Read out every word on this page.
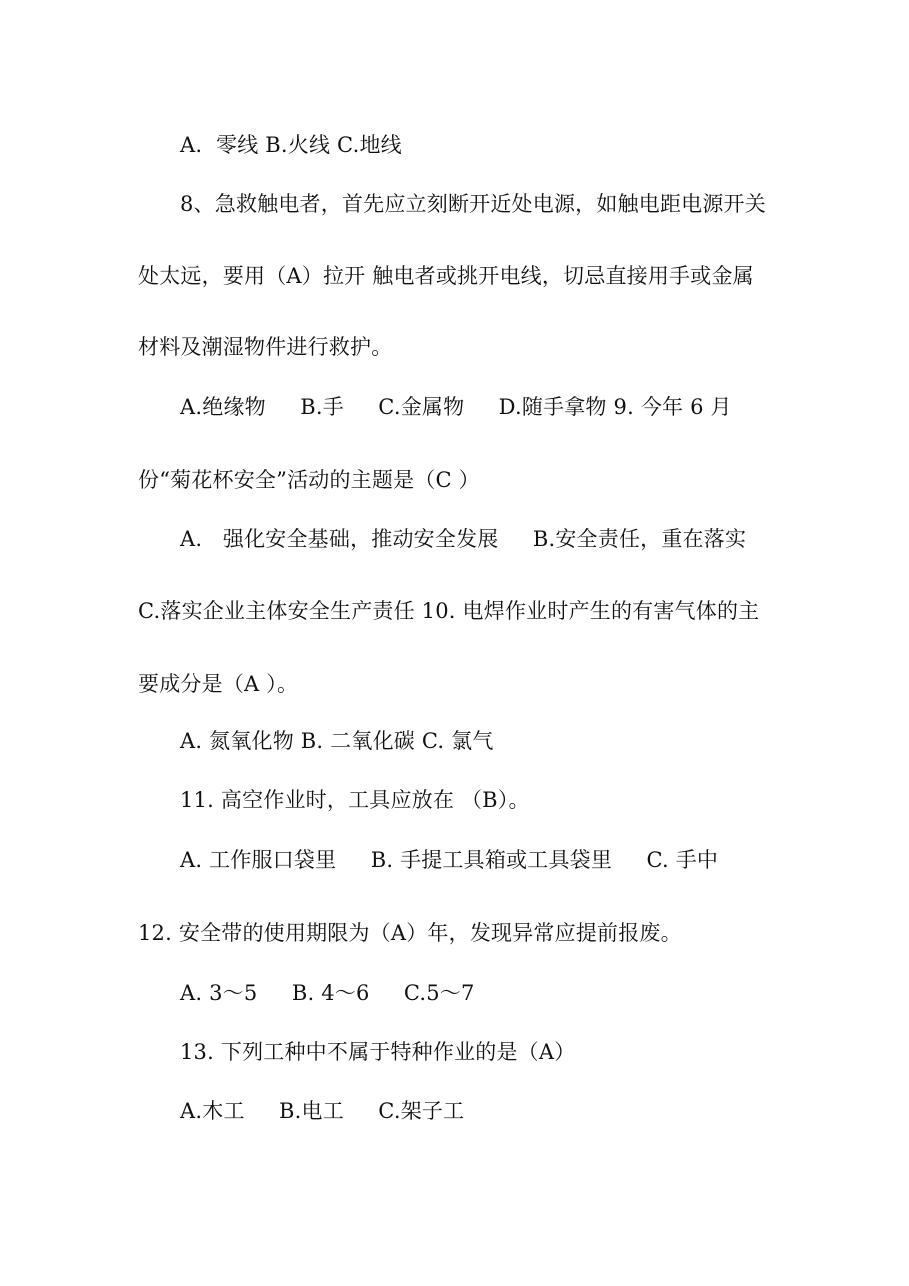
A.  零线 B.火线 C.地线
8、急救触电者，首先应立刻断开近处电源，如触电距电源开关
处太远，要用（A）拉开 触电者或挑开电线，切忌直接用手或金属
材料及潮湿物件进行救护。
A.绝缘物     B.手     C.金属物     D.随手拿物 9. 今年 6 月
份“菊花杯安全”活动的主题是（C ）
A.   强化安全基础，推动安全发展     B.安全责任，重在落实
C.落实企业主体安全生产责任 10. 电焊作业时产生的有害气体的主
要成分是（A ）。
A. 氮氧化物 B. 二氧化碳 C. 氯气
11. 高空作业时，工具应放在 （B）。
A. 工作服口袋里     B. 手提工具箱或工具袋里     C. 手中
12. 安全带的使用期限为（A）年，发现异常应提前报废。
A. 3～5     B. 4～6     C.5～7
13. 下列工种中不属于特种作业的是（A）
A.木工     B.电工     C.架子工
